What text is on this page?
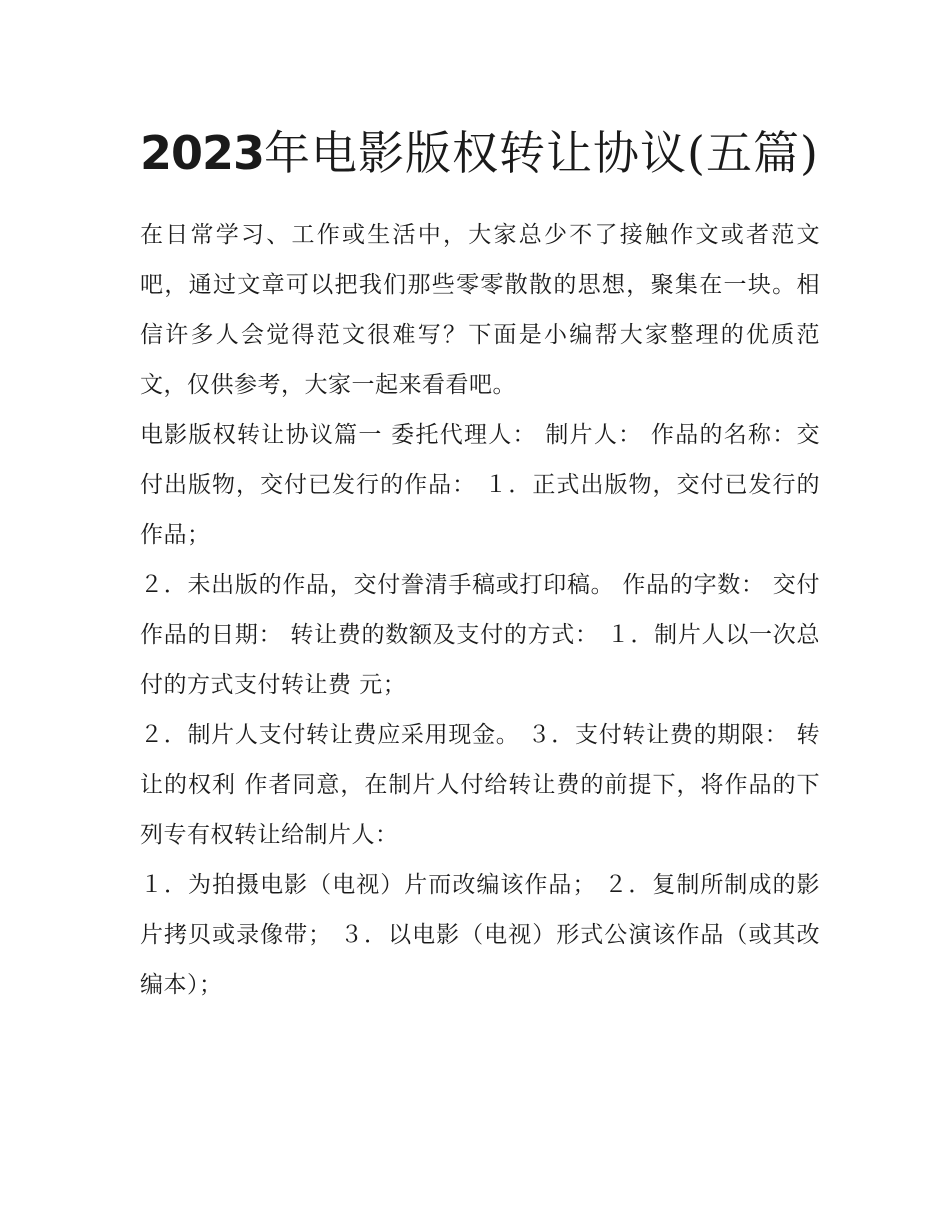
2023年电影版权转让协议(五篇)

在日常学习、工作或生活中，大家总少不了接触作文或者范文吧，通过文章可以把我们那些零零散散的思想，聚集在一块。相信许多人会觉得范文很难写？下面是小编帮大家整理的优质范文，仅供参考，大家一起来看看吧。

电影版权转让协议篇一 委托代理人： 制片人： 作品的名称：交付出版物，交付已发行的作品： １．正式出版物，交付已发行的作品；

２．未出版的作品，交付誊清手稿或打印稿。 作品的字数： 交付作品的日期： 转让费的数额及支付的方式： １．制片人以一次总付的方式支付转让费 元；

２．制片人支付转让费应采用现金。 ３．支付转让费的期限： 转让的权利 作者同意，在制片人付给转让费的前提下，将作品的下列专有权转让给制片人：

１．为拍摄电影（电视）片而改编该作品； ２．复制所制成的影片拷贝或录像带； ３．以电影（电视）形式公演该作品（或其改编本）；
